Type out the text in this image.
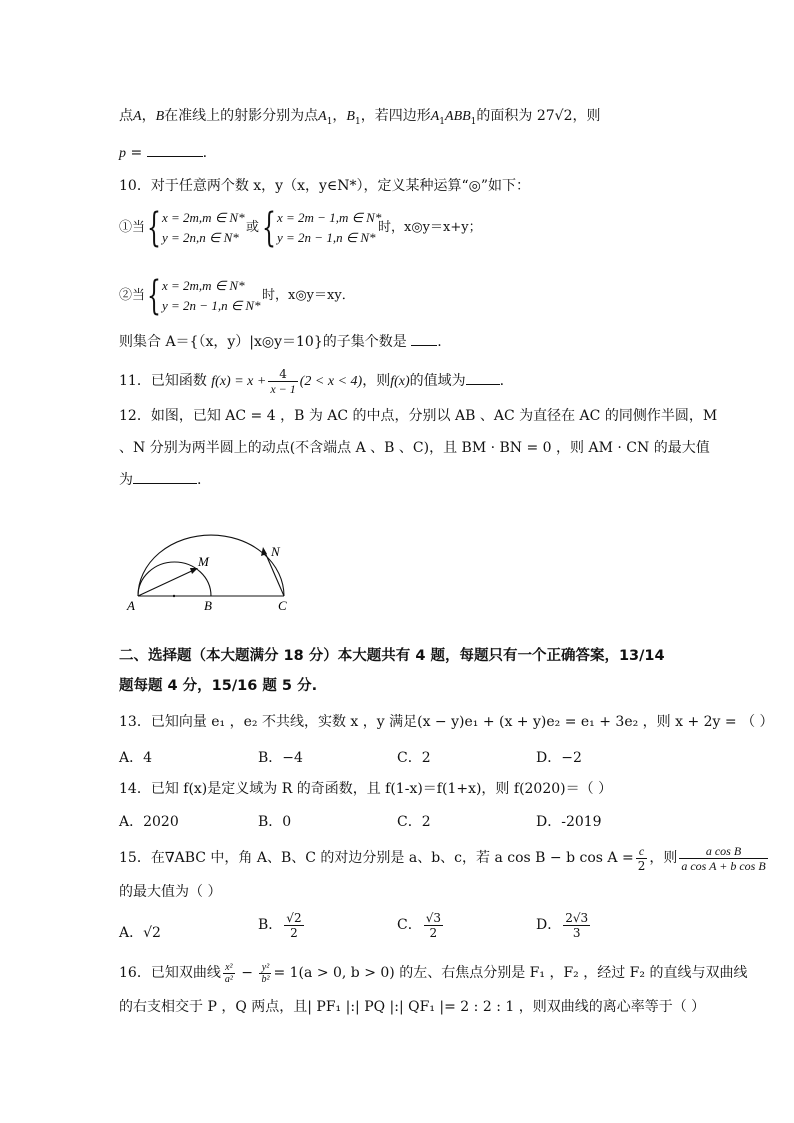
点A，B在准线上的射影分别为点$A_1$，$B_1$，若四边形$A_1ABB_1$的面积为 27√2，则
p =	.
10．对于任意两个数 x，y（x，y∈N*），定义某种运算“◎”如下：
①当 { x = 2m,m ∈ N*
y = 2n,n ∈ N*
或 { x = 2m − 1,m ∈ N*
y = 2n − 1,n ∈ N*
时，x◎y＝x+y；
②当 { x = 2m,m ∈ N*
y = 2n − 1,n ∈ N*
时，x◎y＝xy．
则集合 A＝{（x，y）|x◎y＝10}的子集个数是 .
11．已知函数 $f(x) = x + \frac{4}{x - 1} (2 < x < 4)$，则f(x)的值域为 .
12．如图，已知 AC = 4 ，B 为 AC 的中点，分别以 AB 、AC 为直径在 AC 的同侧作半圆，M
、N 分别为两半圆上的动点(不含端点 A 、B 、C)，且 BM · BN = 0 ，则 AM · CN 的最大值
为	.
A	B	C
M
N
二、选择题（本大题满分 18 分）本大题共有 4 题，每题只有一个正确答案，13/14
题每题 4 分，15/16 题 5 分.
13．已知向量 e₁ ，e₂ 不共线，实数 x ，y 满足(x − y)e₁ + (x + y)e₂ = e₁ + 3e₂ ，则 x + 2y = （ ）
A．4	B．−4	C．2	D．−2
14．已知 f(x)是定义域为 R 的奇函数，且 f(1-x)＝f(1+x)，则 f(2020)＝（ ）
A．2020	B．0	C．2	D．-2019
15．在∇ABC 中，角 A、B、C 的对边分别是 a、b、c，若 a cos B − b $\cos A = \frac{c}{2}$ ，则 $\frac{\text{a cos B}}{\text{a cos A + b cos B}}$
的最大值为（ ）
A．√2	B． $\frac{√2}{2}$	C． $\frac{√3}{2}$	D． $\frac{2√3}{3}$
16．已知双曲线 $\frac{\text{x²}}{\text{a²}} - \frac{\text{y²}}{\text{b²}} = 1(a > 0$, b > 0) 的左、右焦点分别是 F₁ ，F₂ ，经过 F₂ 的直线与双曲线
的右支相交于 P ，Q 两点，且| PF₁ |:| PQ |:| QF₁ |= 2 : 2 : 1 ，则双曲线的离心率等于（ ）
